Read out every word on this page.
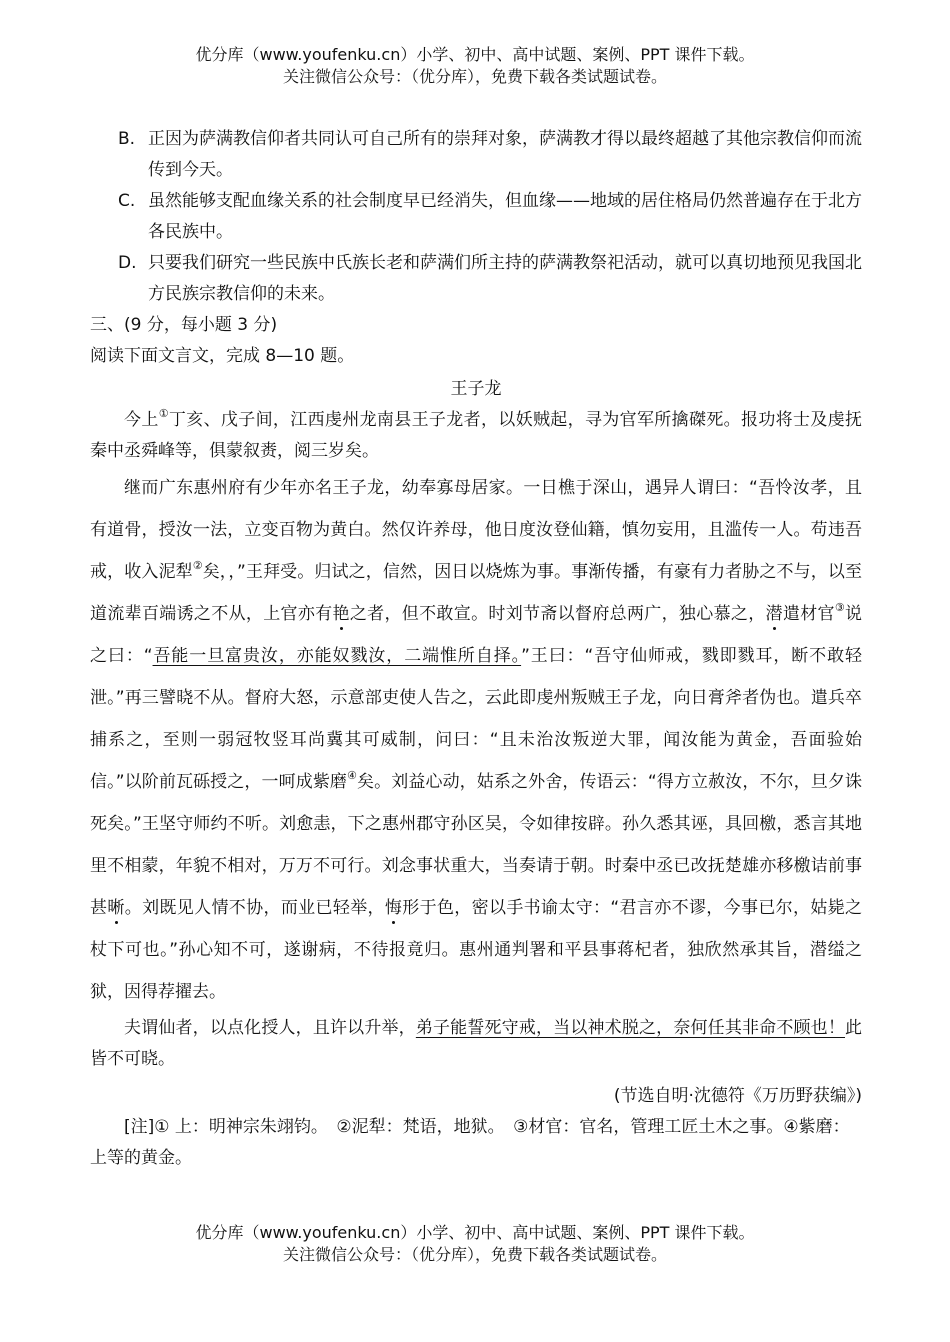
优分库（www.youfenku.cn）小学、初中、高中试题、案例、PPT 课件下载。
关注微信公众号：（优分库），免费下载各类试题试卷。
B. 正因为萨满教信仰者共同认可自己所有的崇拜对象，萨满教才得以最终超越了其他宗教信仰而流传到今天。
C. 虽然能够支配血缘关系的社会制度早已经消失，但血缘——地域的居住格局仍然普遍存在于北方各民族中。
D. 只要我们研究一些民族中氏族长老和萨满们所主持的萨满教祭祀活动，就可以真切地预见我国北方民族宗教信仰的未来。
三、(9 分，每小题 3 分)
阅读下面文言文，完成 8—10 题。
王子龙
今上①丁亥、戊子间，江西虔州龙南县王子龙者，以妖贼起，寻为官军所擒磔死。报功将士及虔抚秦中丞舜峰等，俱蒙叙赉，阅三岁矣。
继而广东惠州府有少年亦名王子龙，幼奉寡母居家。一日樵于深山，遇异人谓曰：“吾怜汝孝，且有道骨，授汝一法，立变百物为黄白。然仅许养母，他日度汝登仙籍，慎勿妄用，且滥传一人。苟违吾戒，收入泥犁②矣，，”王拜受。归试之，信然，因日以烧炼为事。事渐传播，有豪有力者胁之不与，以至道流辈百端诱之不从，上官亦有艳之者，但不敢宣。时刘节斋以督府总两广，独心慕之，潜遣材官③说之曰：“吾能一旦富贵汝，亦能奴戮汝，二端惟所自择。”王曰：“吾守仙师戒，戮即戮耳，断不敢轻泄。”再三譬晓不从。督府大怒，示意部吏使人告之，云此即虔州叛贼王子龙，向日膏斧者伪也。遣兵卒捕系之，至则一弱冠牧竖耳尚冀其可威制，问曰：“且未治汝叛逆大罪，闻汝能为黄金，吾面验始信。”以阶前瓦砾授之，一呵成紫磨④矣。刘益心动，姑系之外舍，传语云：“得方立赦汝，不尔，旦夕诛死矣。”王坚守师约不听。刘愈恚，下之惠州郡守孙区吴，令如律按辟。孙久悉其诬，具回檄，悉言其地里不相蒙，年貌不相对，万万不可行。刘念事状重大，当奏请于朝。时秦中丞已改抚楚雄亦移檄诘前事甚晰。刘既见人情不协，而业已轻举，悔形于色，密以手书谕太守：“君言亦不谬，今事已尔，姑毙之杖下可也。”孙心知不可，遂谢病，不待报竟归。惠州通判署和平县事蒋杞者，独欣然承其旨，潜缢之狱，因得荐擢去。
夫谓仙者，以点化授人，且许以升举，弟子能誓死守戒，当以神术脱之，奈何任其非命不顾也！此皆不可晓。
(节选自明·沈德符《万历野获编》)
[注]① 上：明神宗朱翊钧。　②泥犁：梵语，地狱。　③材官：官名，管理工匠土木之事。④紫磨：上等的黄金。
优分库（www.youfenku.cn）小学、初中、高中试题、案例、PPT 课件下载。
关注微信公众号：（优分库），免费下载各类试题试卷。
